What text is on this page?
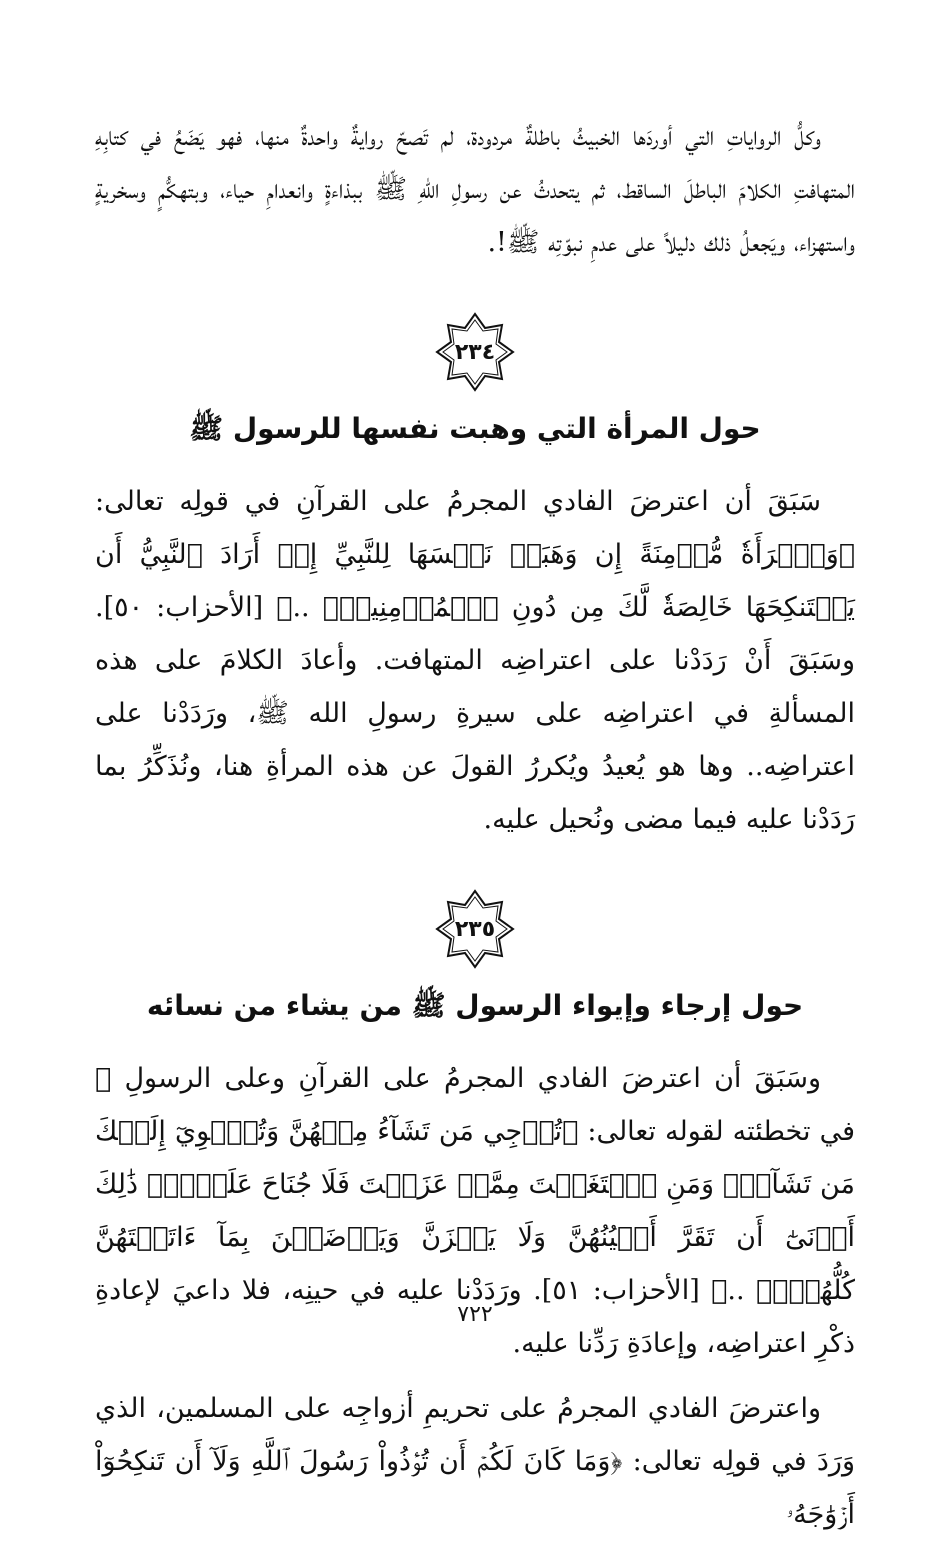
وكلُّ الرواياتِ التي أوردَها الخبيثُ باطلةٌ مردودة، لم تَصحّ روايةٌ واحدةٌ منها، فهو يَضَعُ في كتابِهِ المتهافتِ الكلامَ الباطلَ الساقط، ثم يتحدثُ عن رسولِ اللهِ ﷺ ببذاءةٍ وانعدامِ حياء، وبتهكُّمٍ وسخريةٍ واستهزاء، ويَجعلُ ذلك دليلاً على عدمِ نبوّتِه ﷺ!.

٢٣٤
حول المرأة التي وهبت نفسها للرسول ﷺ

سَبَقَ أن اعترضَ الفادي المجرمُ على القرآنِ في قولِه تعالى: ﴿وَٱمۡرَأَةٗ مُّؤۡمِنَةً إِن وَهَبَتۡ نَفۡسَهَا لِلنَّبِيِّ إِنۡ أَرَادَ ٱلنَّبِيُّ أَن يَسۡتَنكِحَهَا خَالِصَةٗ لَّكَ مِن دُونِ ٱلۡمُؤۡمِنِينَۗ ..﴾ [الأحزاب: ٥٠]. وسَبَقَ أَنْ رَدَدْنا على اعتراضِه المتهافت. وأعادَ الكلامَ على هذه المسألةِ في اعتراضِه على سيرةِ رسولِ الله ﷺ، ورَدَدْنا على اعتراضِه.. وها هو يُعيدُ ويُكررُ القولَ عن هذه المرأةِ هنا، ونُذَكِّرُ بما رَدَدْنا عليه فيما مضى ونُحيل عليه.

٢٣٥
حول إرجاء وإيواء الرسول ﷺ من يشاء من نسائه

وسَبَقَ أن اعترضَ الفادي المجرمُ على القرآنِ وعلى الرسولِ ﷺ في تخطئته لقوله تعالى: ﴿تُرۡجِي مَن تَشَآءُ مِنۡهُنَّ وَتُـٔۡوِيٓ إِلَيۡكَ مَن تَشَآءُۖ وَمَنِ ٱبۡتَغَيۡتَ مِمَّنۡ عَزَلۡتَ فَلَا جُنَاحَ عَلَيۡكَۚ ذَٰلِكَ أَدۡنَىٰٓ أَن تَقَرَّ أَعۡيُنُهُنَّ وَلَا يَحۡزَنَّ وَيَرۡضَيۡنَ بِمَآ ءَاتَيۡتَهُنَّ كُلُّهُنَّۚ ..﴾ [الأحزاب: ٥١]. ورَدَدْنا عليه في حينِه، فلا داعيَ لإعادةِ ذكْرِ اعتراضِه، وإعادَةِ رَدِّنا عليه.

واعترضَ الفادي المجرمُ على تحريمِ أزواجِه على المسلمين، الذي وَرَدَ في قولِه تعالى: ﴿وَمَا كَانَ لَكُمۡ أَن تُؤۡذُواْ رَسُولَ ٱللَّهِ وَلَآ أَن تَنكِحُوٓاْ أَزۡوَٰجَهُۥ

٧٢٢
